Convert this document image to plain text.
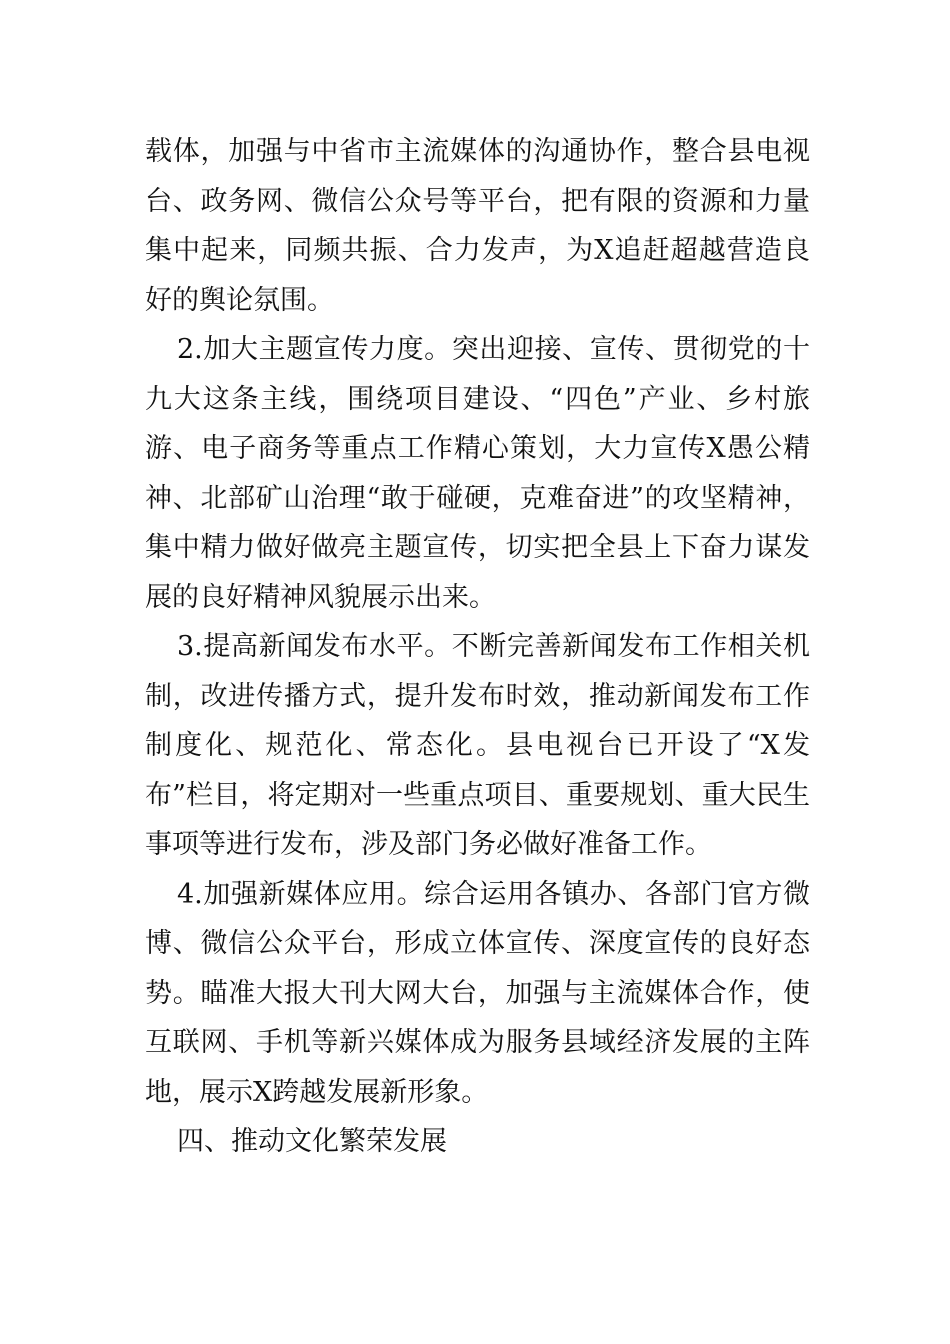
载体，加强与中省市主流媒体的沟通协作，整合县电视台、政务网、微信公众号等平台，把有限的资源和力量集中起来，同频共振、合力发声，为X追赶超越营造良好的舆论氛围。

2.加大主题宣传力度。突出迎接、宣传、贯彻党的十九大这条主线，围绕项目建设、“四色”产业、乡村旅游、电子商务等重点工作精心策划，大力宣传X愚公精神、北部矿山治理“敢于碰硬，克难奋进”的攻坚精神，集中精力做好做亮主题宣传，切实把全县上下奋力谋发展的良好精神风貌展示出来。

3.提高新闻发布水平。不断完善新闻发布工作相关机制，改进传播方式，提升发布时效，推动新闻发布工作制度化、规范化、常态化。县电视台已开设了“X发布”栏目，将定期对一些重点项目、重要规划、重大民生事项等进行发布，涉及部门务必做好准备工作。

4.加强新媒体应用。综合运用各镇办、各部门官方微博、微信公众平台，形成立体宣传、深度宣传的良好态势。瞄准大报大刊大网大台，加强与主流媒体合作，使互联网、手机等新兴媒体成为服务县域经济发展的主阵地，展示X跨越发展新形象。

四、推动文化繁荣发展
